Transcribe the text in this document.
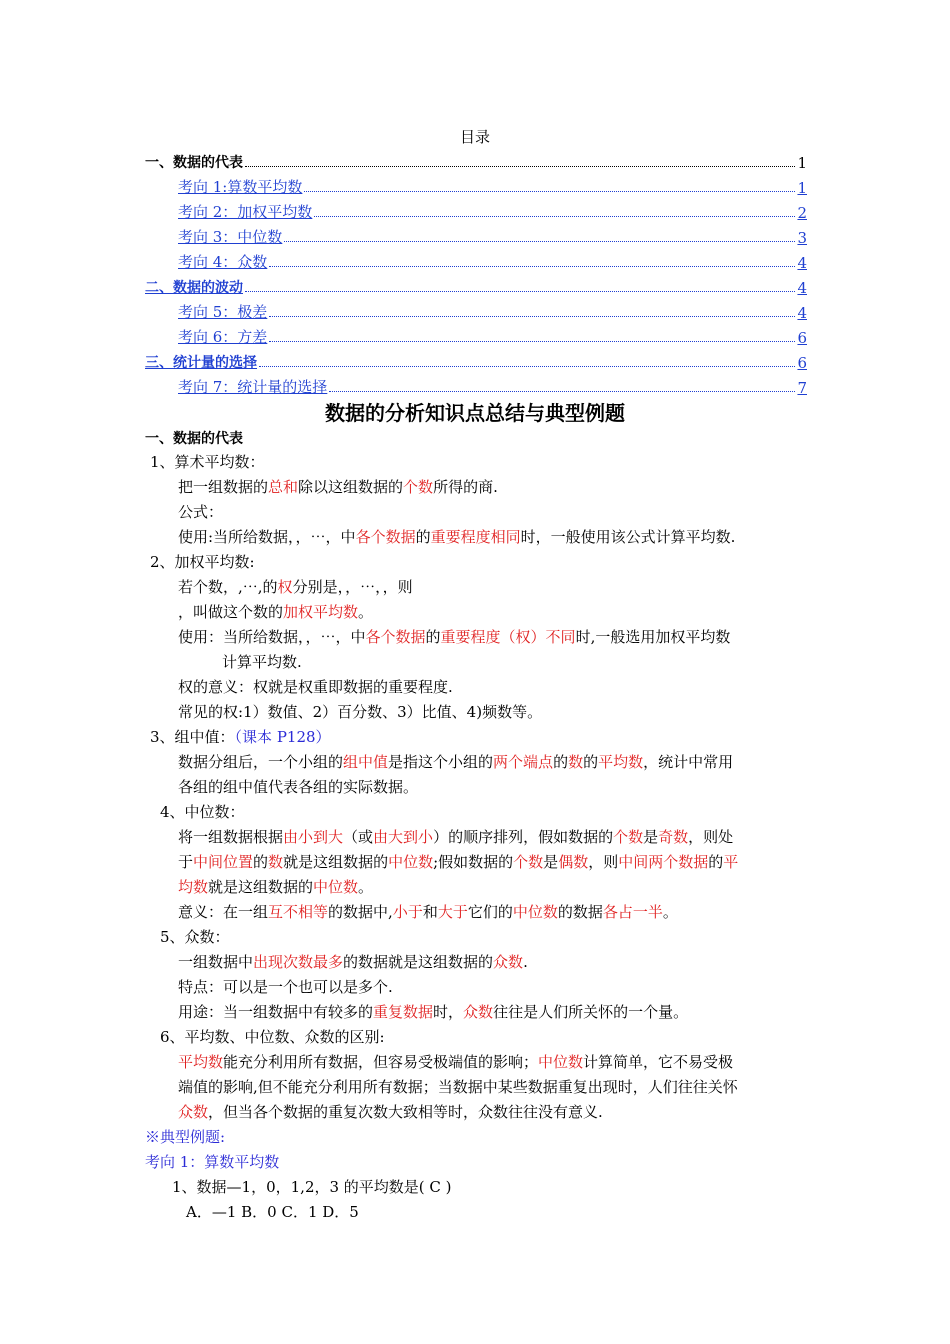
目录
一、数据的代表	1
考向 1:算数平均数	1
考向 2：加权平均数	2
考向 3：中位数	3
考向 4：众数	4
二、数据的波动	4
考向 5：极差	4
考向 6：方差	6
三、统计量的选择	6
考向 7：统计量的选择	7
数据的分析知识点总结与典型例题
一、数据的代表
1、算术平均数：
把一组数据的总和除以这组数据的个数所得的商.
公式：
使用:当所给数据，，⋯，中各个数据的重要程度相同时，一般使用该公式计算平均数.
2、加权平均数:
若个数，,⋯,的权分别是，，⋯，，则
，叫做这个数的加权平均数。
使用：当所给数据，，⋯，中各个数据的重要程度（权）不同时,一般选用加权平均数
计算平均数.
权的意义：权就是权重即数据的重要程度.
常见的权:1）数值、2）百分数、3）比值、4)频数等。
3、组中值：（课本 P128）
数据分组后，一个小组的组中值是指这个小组的两个端点的数的平均数，统计中常用
各组的组中值代表各组的实际数据。
4、中位数：
将一组数据根据由小到大（或由大到小）的顺序排列，假如数据的个数是奇数，则处
于中间位置的数就是这组数据的中位数;假如数据的个数是偶数，则中间两个数据的平
均数就是这组数据的中位数。
意义：在一组互不相等的数据中,小于和大于它们的中位数的数据各占一半。
5、众数：
一组数据中出现次数最多的数据就是这组数据的众数.
特点：可以是一个也可以是多个.
用途：当一组数据中有较多的重复数据时，众数往往是人们所关怀的一个量。
6、平均数、中位数、众数的区别:
平均数能充分利用所有数据，但容易受极端值的影响；中位数计算简单，它不易受极
端值的影响,但不能充分利用所有数据；当数据中某些数据重复出现时，人们往往关怀
众数，但当各个数据的重复次数大致相等时，众数往往没有意义.
※典型例题:
考向 1：算数平均数
1、数据—1，0，1,2，3 的平均数是( C )
A．—1 B．0 C．1 D．5
